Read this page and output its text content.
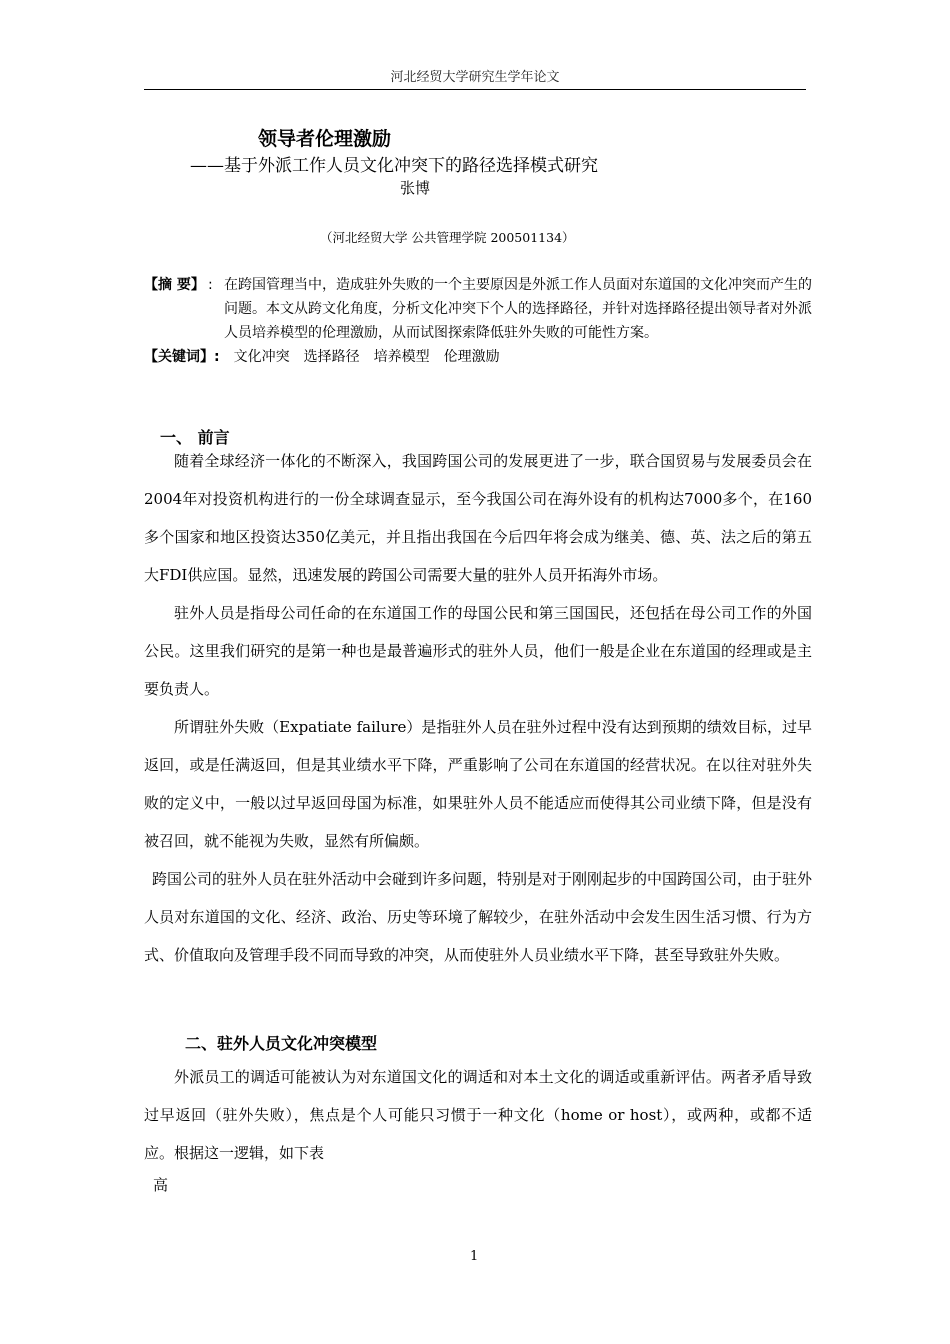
河北经贸大学研究生学年论文
领导者伦理激励
——基于外派工作人员文化冲突下的路径选择模式研究
张博
（河北经贸大学 公共管理学院 200501134）
【摘 要】 : 在跨国管理当中，造成驻外失败的一个主要原因是外派工作人员面对东道国的文化冲突而产生的问题。本文从跨文化角度，分析文化冲突下个人的选择路径，并针对选择路径提出领导者对外派人员培养模型的伦理激励，从而试图探索降低驻外失败的可能性方案。
【关键词】: 文化冲突 选择路径 培养模型 伦理激励
一、 前言

随着全球经济一体化的不断深入，我国跨国公司的发展更进了一步，联合国贸易与发展委员会在2004年对投资机构进行的一份全球调查显示，至今我国公司在海外设有的机构达7000多个，在160多个国家和地区投资达350亿美元，并且指出我国在今后四年将会成为继美、德、英、法之后的第五大FDI供应国。显然，迅速发展的跨国公司需要大量的驻外人员开拓海外市场。

驻外人员是指母公司任命的在东道国工作的母国公民和第三国国民，还包括在母公司工作的外国公民。这里我们研究的是第一种也是最普遍形式的驻外人员，他们一般是企业在东道国的经理或是主要负责人。

所谓驻外失败（Expatiate failure）是指驻外人员在驻外过程中没有达到预期的绩效目标，过早返回，或是任满返回，但是其业绩水平下降，严重影响了公司在东道国的经营状况。在以往对驻外失败的定义中，一般以过早返回母国为标准，如果驻外人员不能适应而使得其公司业绩下降，但是没有被召回，就不能视为失败，显然有所偏颇。

跨国公司的驻外人员在驻外活动中会碰到许多问题，特别是对于刚刚起步的中国跨国公司，由于驻外人员对东道国的文化、经济、政治、历史等环境了解较少，在驻外活动中会发生因生活习惯、行为方式、价值取向及管理手段不同而导致的冲突，从而使驻外人员业绩水平下降，甚至导致驻外失败。

二、驻外人员文化冲突模型

外派员工的调适可能被认为对东道国文化的调适和对本土文化的调适或重新评估。两者矛盾导致过早返回（驻外失败），焦点是个人可能只习惯于一种文化（home or host），或两种，或都不适应。根据这一逻辑，如下表

高
1
